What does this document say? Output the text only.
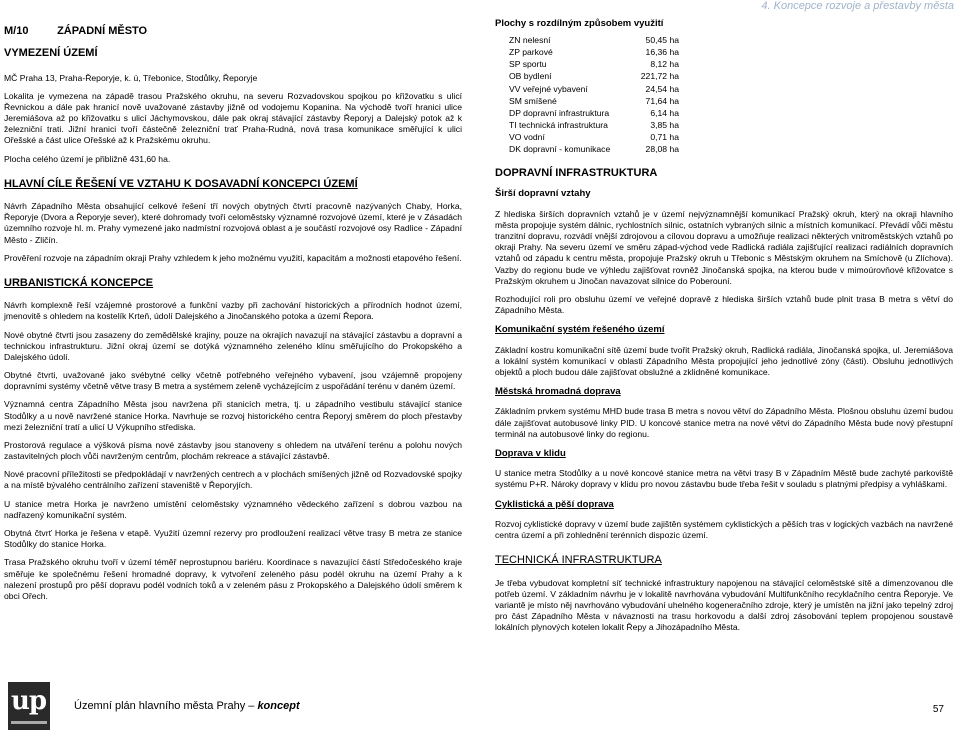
4. Koncepce rozvoje a přestavby města
M/10	ZÁPADNÍ MĚSTO
VYMEZENÍ ÚZEMÍ

MČ Praha 13, Praha-Řeporyje, k. ú, Třebonice, Stodůlky, Řeporyje

Lokalita je vymezena na západě trasou Pražského okruhu, na severu Rozvadovskou spojkou po křižovatku s ulicí Řevnickou a dále pak hranicí nově uvažované zástavby jižně od vodojemu Kopanina. Na východě tvoří hranici ulice Jeremiášova až po křižovatku s ulicí Jáchymovskou, dále pak okraj stávající zástavby Řeporyj a Dalejský potok až k železniční trati. Jižní hranici tvoří částečně železniční trať Praha-Rudná, nová trasa komunikace směřující k ulici Ořešské a část ulice Ořešské až k Pražskému okruhu.

Plocha celého území je přibližně 431,60 ha.

HLAVNÍ CÍLE ŘEŠENÍ VE VZTAHU K DOSAVADNÍ KONCEPCI ÚZEMÍ

Návrh Západního Města obsahující celkové řešení tří nových obytných čtvrtí pracovně nazývaných Chaby, Horka, Řeporyje (Dvora a Řeporyje sever), které dohromady tvoří celoměstsky významné rozvojové území, které je v Zásadách územního rozvoje hl. m. Prahy vymezené jako nadmístní rozvojová oblast a je součástí rozvojové osy Radlice - Západní Město - Zličín.

Prověření rozvoje na západním okraji Prahy vzhledem k jeho možnému využití, kapacitám a možnosti etapového řešení.

URBANISTICKÁ KONCEPCE

Návrh komplexně řeší vzájemné prostorové a funkční vazby při zachování historických a přírodních hodnot území, jmenovitě s ohledem na kostelík Krteň, údolí Dalejského a Jinočanského potoka a území Řepora.

Nové obytné čtvrti jsou zasazeny do zemědělské krajiny, pouze na okrajích navazují na stávající zástavbu a dopravní a technickou infrastrukturu. Jižní okraj území se dotýká významného zeleného klínu směřujícího do Prokopského a Dalejského údolí.

Obytné čtvrti, uvažované jako svébytné celky včetně potřebného veřejného vybavení, jsou vzájemně propojeny dopravními systémy včetně větve trasy B metra a systémem zeleně vycházejícím z uspořádání terénu v daném území.

Významná centra Západního Města jsou navržena při stanicích metra, tj. u západního vestibulu stávající stanice Stodůlky a u nově navržené stanice Horka. Navrhuje se rozvoj historického centra Řeporyj směrem do ploch přestavby mezi železniční tratí a ulicí U Výkupního střediska.

Prostorová regulace a výšková písma nové zástavby jsou stanoveny s ohledem na utváření terénu a polohu nových zastavitelných ploch vůči navrženým centrům, plochám rekreace a stávající zástavbě.

Nové pracovní příležitosti se předpokládají v navržených centrech a v plochách smíšených jižně od Rozvadovské spojky a na místě bývalého centrálního zařízení staveniště v Řeporyjích.

U stanice metra Horka je navrženo umístění celoměstsky významného vědeckého zařízení s dobrou vazbou na nadřazený komunikační systém.

Obytná čtvrť Horka je řešena v etapě. Využití územní rezervy pro prodloužení realizací větve trasy B metra ze stanice Stodůlky do stanice Horka.

Trasa Pražského okruhu tvoří v území téměř neprostupnou bariéru. Koordinace s navazující částí Středočeského kraje směřuje ke společnému řešení hromadné dopravy, k vytvoření zeleného pásu podél okruhu na území Prahy a k nalezení prostupů pro pěší dopravu podél vodních toků a v zeleném pásu z Prokopského a Dalejského údolí směrem k obci Ořech.

Plochy s rozdílným způsobem využití
ZN nelesní	50,45 ha
ZP parkové	16,36 ha
SP sportu	8,12 ha
OB bydlení	221,72 ha
VV veřejné vybavení	24,54 ha
SM smíšené	71,64 ha
DP dopravní infrastruktura	6,14 ha
TI technická infrastruktura	3,85 ha
VO vodní	0,71 ha
DK dopravní - komunikace	28,08 ha
DOPRAVNÍ INFRASTRUKTURA
Širší dopravní vztahy

Z hlediska širších dopravních vztahů je v území nejvýznamnější komunikací Pražský okruh, který na okraji hlavního města propojuje systém dálnic, rychlostních silnic, ostatních vybraných silnic a místních komunikací. Převádí vůči městu tranzitní dopravu, rozvádí vnější zdrojovou a cílovou dopravu a umožňuje realizaci některých vnitroměstských vztahů po okraji Prahy. Na severu území ve směru západ-východ vede Radlická radiála zajišťující realizaci radiálních dopravních vztahů od západu k centru města, propojuje Pražský okruh u Třebonic s Městským okruhem na Smíchově (u Zlíchova). Vazby do regionu bude ve výhledu zajišťovat rovněž Jinočanská spojka, na kterou bude v mimoúrovňové křižovatce s Pražským okruhem u Jinočan navazovat silnice do Poberouní.

Rozhodující roli pro obsluhu území ve veřejné dopravě z hlediska širších vztahů bude plnit trasa B metra s větví do Západního Města.

Komunikační systém řešeného území

Základní kostru komunikační sítě území bude tvořit Pražský okruh, Radlická radiála, Jinočanská spojka, ul. Jeremiášova a lokální systém komunikací v oblasti Západního Města propojující jeho jednotlivé zóny (části). Obsluhu jednotlivých objektů a ploch budou dále zajišťovat obslužné a zklidněné komunikace.

Městská hromadná doprava

Základním prvkem systému MHD bude trasa B metra s novou větví do Západního Města. Plošnou obsluhu území budou dále zajišťovat autobusové linky PID. U koncové stanice metra na nové větvi do Západního Města bude nový přestupní terminál na autobusové linky do regionu.

Doprava v klidu

U stanice metra Stodůlky a u nové koncové stanice metra na větvi trasy B v Západním Městě bude zachyté parkoviště systému P+R. Nároky dopravy v klidu pro novou zástavbu bude třeba řešit v souladu s platnými předpisy a vyhláškami.

Cyklistická a pěší doprava

Rozvoj cyklistické dopravy v území bude zajištěn systémem cyklistických a pěších tras v logických vazbách na navržené centra území a při zohlednění terénních dispozic území.

TECHNICKÁ INFRASTRUKTURA

Je třeba vybudovat kompletní síť technické infrastruktury napojenou na stávající celoměstské sítě a dimenzovanou dle potřeb území. V základním návrhu je v lokalitě navrhována vybudování Multifunkčního recyklačního centra Řeporyje. Ve variantě je místo něj navrhováno vybudování uhelného kogeneračního zdroje, který je umístěn na jižní jako tepelný zdroj pro část Západního Města v návaznosti na trasu horkovodu a další zdroj zásobování teplem propojenou soustavě lokálních plynových kotelen lokalit Řepy a Jihozápadního Města.

up	Územní plán hlavního města Prahy – koncept	57
